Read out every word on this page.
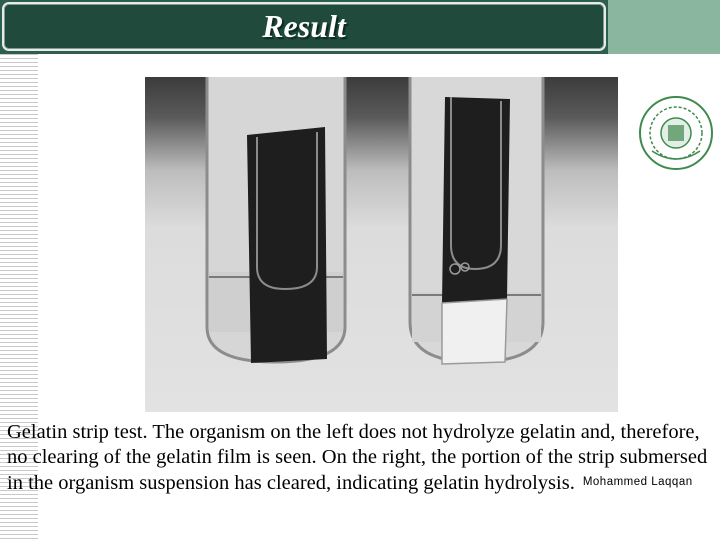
Result
Gelatin strip test. The organism on the left does not hydrolyze gelatin and, therefore, no clearing of the gelatin film is seen. On the right, the portion of the strip submersed in the organism suspension has cleared, indicating gelatin hydrolysis. Mohammed Laqqan
